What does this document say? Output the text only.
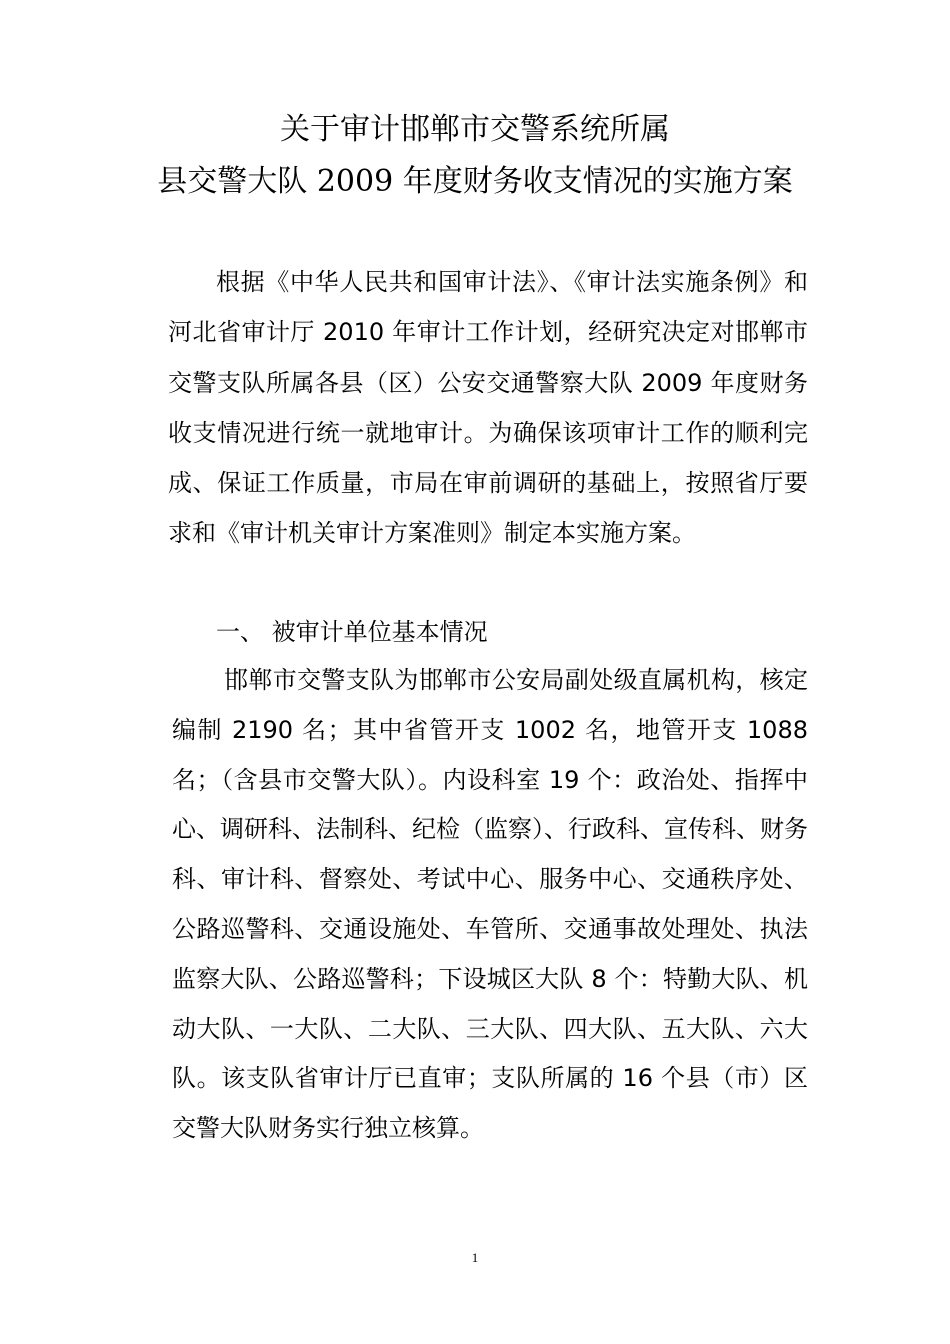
关于审计邯郸市交警系统所属
县交警大队 2009 年度财务收支情况的实施方案

根据《中华人民共和国审计法》、《审计法实施条例》和河北省审计厅 2010 年审计工作计划，经研究决定对邯郸市交警支队所属各县（区）公安交通警察大队 2009 年度财务收支情况进行统一就地审计。为确保该项审计工作的顺利完成、保证工作质量，市局在审前调研的基础上，按照省厅要求和《审计机关审计方案准则》制定本实施方案。

一、 被审计单位基本情况

邯郸市交警支队为邯郸市公安局副处级直属机构，核定编制 2190 名；其中省管开支 1002 名，地管开支 1088 名；（含县市交警大队）。内设科室 19 个：政治处、指挥中心、调研科、法制科、纪检（监察）、行政科、宣传科、财务科、审计科、督察处、考试中心、服务中心、交通秩序处、公路巡警科、交通设施处、车管所、交通事故处理处、执法监察大队、公路巡警科；下设城区大队 8 个：特勤大队、机动大队、一大队、二大队、三大队、四大队、五大队、六大队。该支队省审计厅已直审；支队所属的 16 个县（市）区交警大队财务实行独立核算。

1
